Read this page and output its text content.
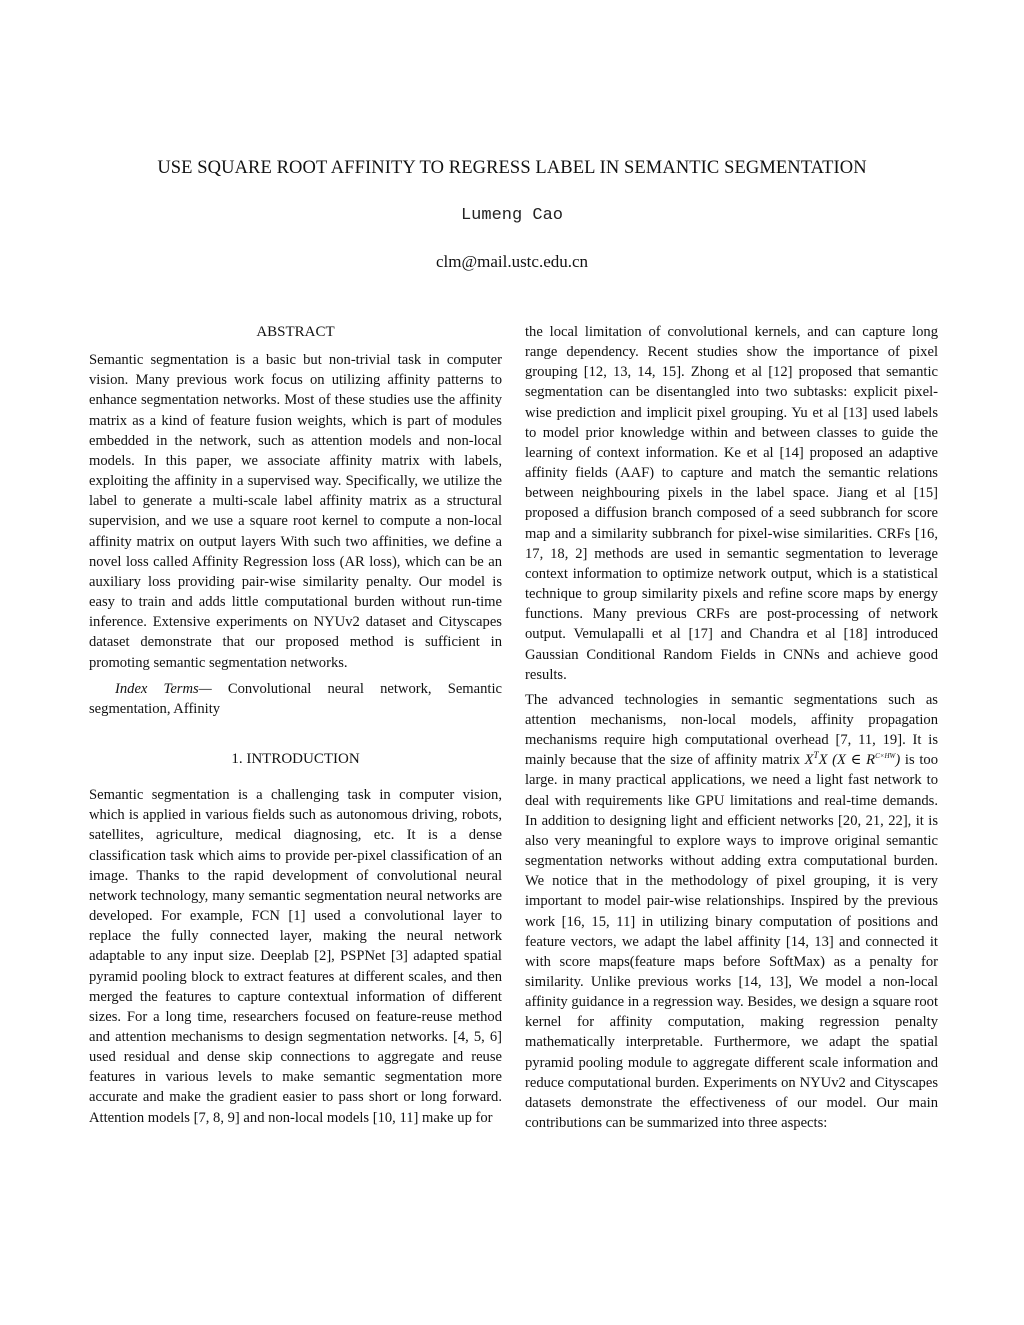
USE SQUARE ROOT AFFINITY TO REGRESS LABEL IN SEMANTIC SEGMENTATION
Lumeng Cao
clm@mail.ustc.edu.cn
ABSTRACT

Semantic segmentation is a basic but non-trivial task in computer vision. Many previous work focus on utilizing affinity patterns to enhance segmentation networks. Most of these studies use the affinity matrix as a kind of feature fusion weights, which is part of modules embedded in the network, such as attention models and non-local models. In this paper, we associate affinity matrix with labels, exploiting the affinity in a supervised way. Specifically, we utilize the label to generate a multi-scale label affinity matrix as a structural supervision, and we use a square root kernel to compute a non-local affinity matrix on output layers With such two affinities, we define a novel loss called Affinity Regression loss (AR loss), which can be an auxiliary loss providing pair-wise similarity penalty. Our model is easy to train and adds little computational burden without run-time inference. Extensive experiments on NYUv2 dataset and Cityscapes dataset demonstrate that our proposed method is sufficient in promoting semantic segmentation networks.

Index Terms— Convolutional neural network, Semantic segmentation, Affinity

1. INTRODUCTION

Semantic segmentation is a challenging task in computer vision, which is applied in various fields such as autonomous driving, robots, satellites, agriculture, medical diagnosing, etc. It is a dense classification task which aims to provide per-pixel classification of an image. Thanks to the rapid development of convolutional neural network technology, many semantic segmentation neural networks are developed. For example, FCN [1] used a convolutional layer to replace the fully connected layer, making the neural network adaptable to any input size. Deeplab [2], PSPNet [3] adapted spatial pyramid pooling block to extract features at different scales, and then merged the features to capture contextual information of different sizes. For a long time, researchers focused on feature-reuse method and attention mechanisms to design segmentation networks. [4, 5, 6] used residual and dense skip connections to aggregate and reuse features in various levels to make semantic segmentation more accurate and make the gradient easier to pass short or long forward. Attention models [7, 8, 9] and non-local models [10, 11] make up for

the local limitation of convolutional kernels, and can capture long range dependency. Recent studies show the importance of pixel grouping [12, 13, 14, 15]. Zhong et al [12] proposed that semantic segmentation can be disentangled into two subtasks: explicit pixel-wise prediction and implicit pixel grouping. Yu et al [13] used labels to model prior knowledge within and between classes to guide the learning of context information. Ke et al [14] proposed an adaptive affinity fields (AAF) to capture and match the semantic relations between neighbouring pixels in the label space. Jiang et al [15] proposed a diffusion branch composed of a seed subbranch for score map and a similarity subbranch for pixel-wise similarities. CRFs [16, 17, 18, 2] methods are used in semantic segmentation to leverage context information to optimize network output, which is a statistical technique to group similarity pixels and refine score maps by energy functions. Many previous CRFs are post-processing of network output. Vemulapalli et al [17] and Chandra et al [18] introduced Gaussian Conditional Random Fields in CNNs and achieve good results.

The advanced technologies in semantic segmentations such as attention mechanisms, non-local models, affinity propagation mechanisms require high computational overhead [7, 11, 19]. It is mainly because that the size of affinity matrix $X^TX$ (X ∈ $R^{C\times HW}$) is too large. in many practical applications, we need a light fast network to deal with requirements like GPU limitations and real-time demands. In addition to designing light and efficient networks [20, 21, 22], it is also very meaningful to explore ways to improve original semantic segmentation networks without adding extra computational burden. We notice that in the methodology of pixel grouping, it is very important to model pair-wise relationships. Inspired by the previous work [16, 15, 11] in utilizing binary computation of positions and feature vectors, we adapt the label affinity [14, 13] and connected it with score maps(feature maps before SoftMax) as a penalty for similarity. Unlike previous works [14, 13], We model a non-local affinity guidance in a regression way. Besides, we design a square root kernel for affinity computation, making regression penalty mathematically interpretable. Furthermore, we adapt the spatial pyramid pooling module to aggregate different scale information and reduce computational burden. Experiments on NYUv2 and Cityscapes datasets demonstrate the effectiveness of our model. Our main contributions can be summarized into three aspects:
